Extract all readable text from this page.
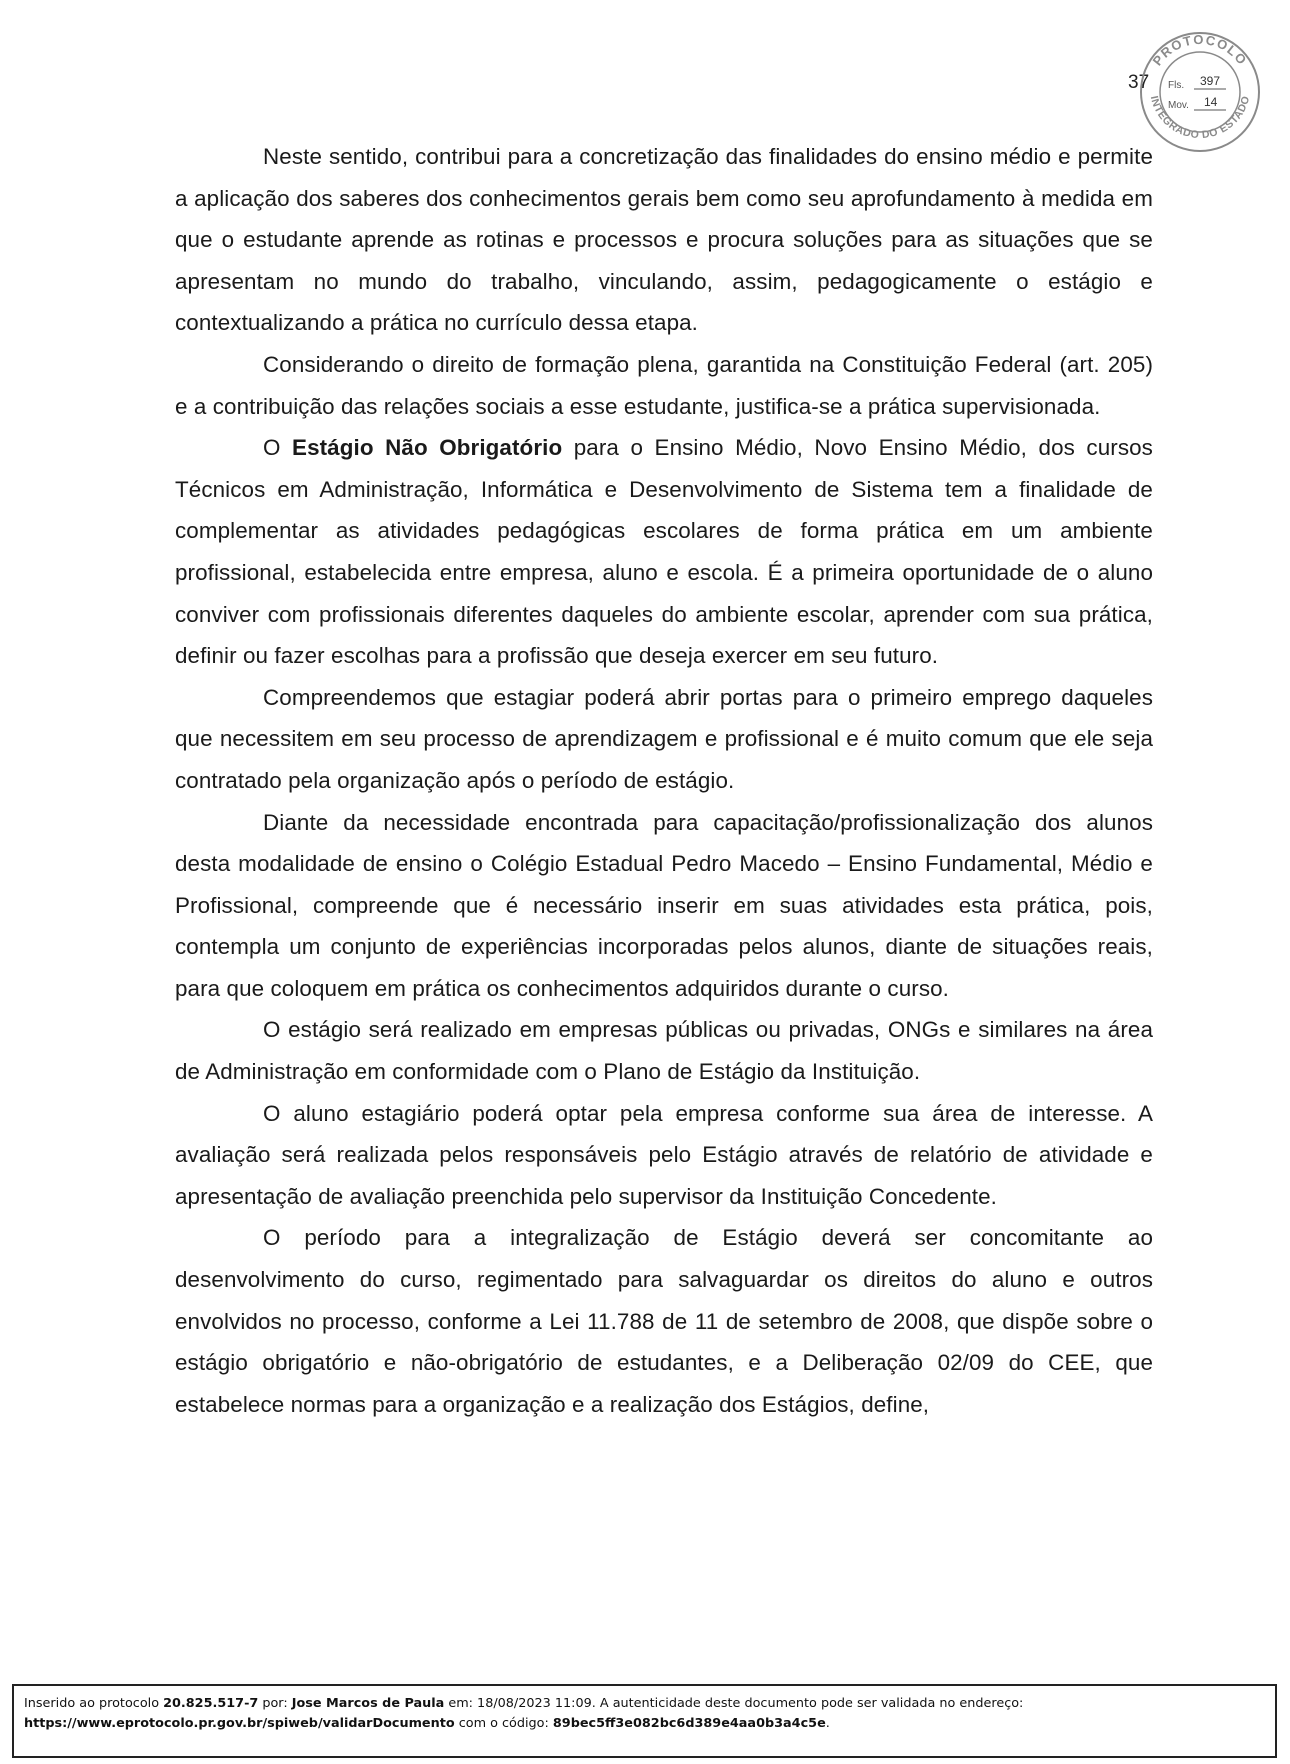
37
PROTOCOLO
INTEGRADO DO ESTADO
Fls. 397
Mov. 14

Neste sentido, contribui para a concretização das finalidades do ensino médio e permite a aplicação dos saberes dos conhecimentos gerais bem como seu aprofundamento à medida em que o estudante aprende as rotinas e processos e procura soluções para as situações que se apresentam no mundo do trabalho, vinculando, assim, pedagogicamente o estágio e contextualizando a prática no currículo dessa etapa.

Considerando o direito de formação plena, garantida na Constituição Federal (art. 205) e a contribuição das relações sociais a esse estudante, justifica-se a prática supervisionada.

O Estágio Não Obrigatório para o Ensino Médio, Novo Ensino Médio, dos cursos Técnicos em Administração, Informática e Desenvolvimento de Sistema tem a finalidade de complementar as atividades pedagógicas escolares de forma prática em um ambiente profissional, estabelecida entre empresa, aluno e escola. É a primeira oportunidade de o aluno conviver com profissionais diferentes daqueles do ambiente escolar, aprender com sua prática, definir ou fazer escolhas para a profissão que deseja exercer em seu futuro.

Compreendemos que estagiar poderá abrir portas para o primeiro emprego daqueles que necessitem em seu processo de aprendizagem e profissional e é muito comum que ele seja contratado pela organização após o período de estágio.

Diante da necessidade encontrada para capacitação/profissionalização dos alunos desta modalidade de ensino o Colégio Estadual Pedro Macedo – Ensino Fundamental, Médio e Profissional, compreende que é necessário inserir em suas atividades esta prática, pois, contempla um conjunto de experiências incorporadas pelos alunos, diante de situações reais, para que coloquem em prática os conhecimentos adquiridos durante o curso.

O estágio será realizado em empresas públicas ou privadas, ONGs e similares na área de Administração em conformidade com o Plano de Estágio da Instituição.

O aluno estagiário poderá optar pela empresa conforme sua área de interesse. A avaliação será realizada pelos responsáveis pelo Estágio através de relatório de atividade e apresentação de avaliação preenchida pelo supervisor da Instituição Concedente.

O período para a integralização de Estágio deverá ser concomitante ao desenvolvimento do curso, regimentado para salvaguardar os direitos do aluno e outros envolvidos no processo, conforme a Lei 11.788 de 11 de setembro de 2008, que dispõe sobre o estágio obrigatório e não-obrigatório de estudantes, e a Deliberação 02/09 do CEE, que estabelece normas para a organização e a realização dos Estágios, define,

Inserido ao protocolo 20.825.517-7 por: Jose Marcos de Paula em: 18/08/2023 11:09. A autenticidade deste documento pode ser validada no endereço: https://www.eprotocolo.pr.gov.br/spiweb/validarDocumento com o código: 89bec5ff3e082bc6d389e4aa0b3a4c5e.
